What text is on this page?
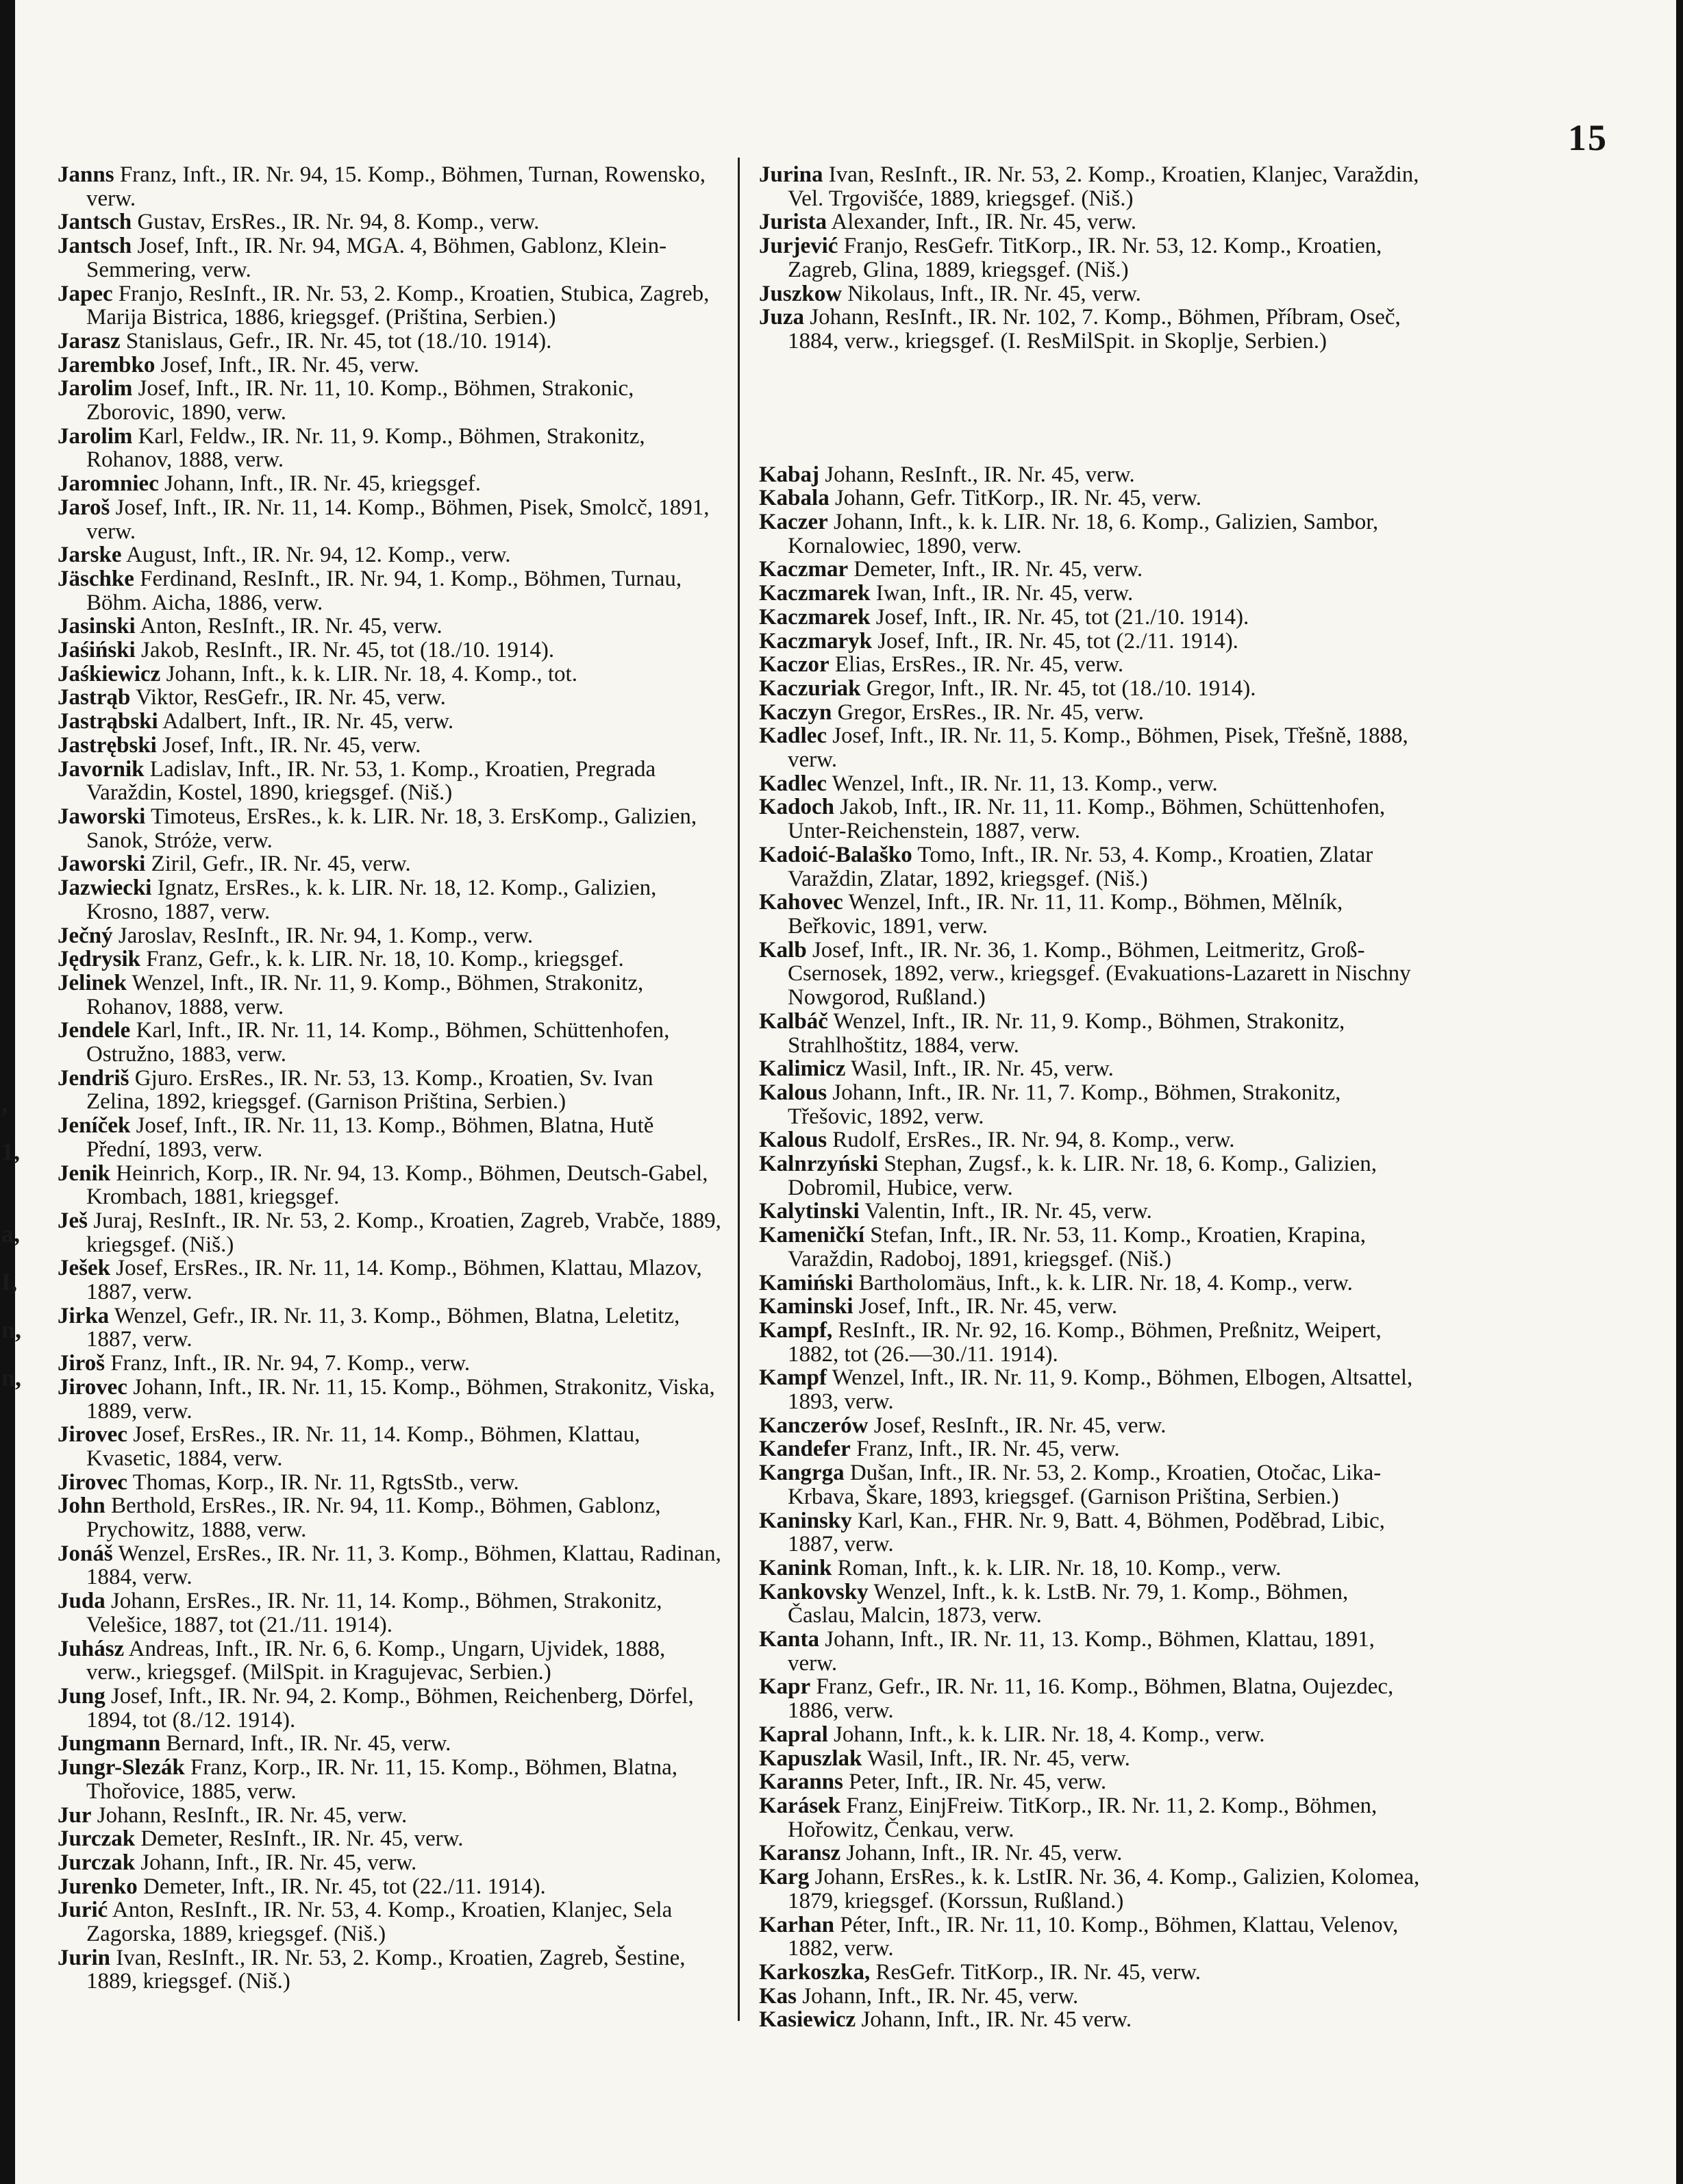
,
1,
a,
I,
n,
n,
15
Janns Franz, Inft., IR. Nr. 94, 15. Komp., Böhmen, Turnan, Rowensko, verw.
Jantsch Gustav, ErsRes., IR. Nr. 94, 8. Komp., verw.
Jantsch Josef, Inft., IR. Nr. 94, MGA. 4, Böhmen, Gablonz, Klein-Semmering, verw.
Japec Franjo, ResInft., IR. Nr. 53, 2. Komp., Kroatien, Stubica, Zagreb, Marija Bistrica, 1886, kriegsgef. (Priština, Serbien.)
Jarasz Stanislaus, Gefr., IR. Nr. 45, tot (18./10. 1914).
Jarembko Josef, Inft., IR. Nr. 45, verw.
Jarolim Josef, Inft., IR. Nr. 11, 10. Komp., Böhmen, Strakonic, Zborovic, 1890, verw.
Jarolim Karl, Feldw., IR. Nr. 11, 9. Komp., Böhmen, Strakonitz, Rohanov, 1888, verw.
Jaromniec Johann, Inft., IR. Nr. 45, kriegsgef.
Jaroš Josef, Inft., IR. Nr. 11, 14. Komp., Böhmen, Pisek, Smolcč, 1891, verw.
Jarske August, Inft., IR. Nr. 94, 12. Komp., verw.
Jäschke Ferdinand, ResInft., IR. Nr. 94, 1. Komp., Böhmen, Turnau, Böhm. Aicha, 1886, verw.
Jasinski Anton, ResInft., IR. Nr. 45, verw.
Jaśiński Jakob, ResInft., IR. Nr. 45, tot (18./10. 1914).
Jaśkiewicz Johann, Inft., k. k. LIR. Nr. 18, 4. Komp., tot.
Jastrąb Viktor, ResGefr., IR. Nr. 45, verw.
Jastrąbski Adalbert, Inft., IR. Nr. 45, verw.
Jastrębski Josef, Inft., IR. Nr. 45, verw.
Javornik Ladislav, Inft., IR. Nr. 53, 1. Komp., Kroatien, Pregrada Varaždin, Kostel, 1890, kriegsgef. (Niš.)
Jaworski Timoteus, ErsRes., k. k. LIR. Nr. 18, 3. ErsKomp., Galizien, Sanok, Stróże, verw.
Jaworski Ziril, Gefr., IR. Nr. 45, verw.
Jazwiecki Ignatz, ErsRes., k. k. LIR. Nr. 18, 12. Komp., Galizien, Krosno, 1887, verw.
Ječný Jaroslav, ResInft., IR. Nr. 94, 1. Komp., verw.
Jędrysik Franz, Gefr., k. k. LIR. Nr. 18, 10. Komp., kriegsgef.
Jelinek Wenzel, Inft., IR. Nr. 11, 9. Komp., Böhmen, Strakonitz, Rohanov, 1888, verw.
Jendele Karl, Inft., IR. Nr. 11, 14. Komp., Böhmen, Schüttenhofen, Ostružno, 1883, verw.
Jendriš Gjuro. ErsRes., IR. Nr. 53, 13. Komp., Kroatien, Sv. Ivan Zelina, 1892, kriegsgef. (Garnison Priština, Serbien.)
Jeníček Josef, Inft., IR. Nr. 11, 13. Komp., Böhmen, Blatna, Hutě Přední, 1893, verw.
Jenik Heinrich, Korp., IR. Nr. 94, 13. Komp., Böhmen, Deutsch-Gabel, Krombach, 1881, kriegsgef.
Ješ Juraj, ResInft., IR. Nr. 53, 2. Komp., Kroatien, Zagreb, Vrabče, 1889, kriegsgef. (Niš.)
Ješek Josef, ErsRes., IR. Nr. 11, 14. Komp., Böhmen, Klattau, Mlazov, 1887, verw.
Jirka Wenzel, Gefr., IR. Nr. 11, 3. Komp., Böhmen, Blatna, Leletitz, 1887, verw.
Jiroš Franz, Inft., IR. Nr. 94, 7. Komp., verw.
Jirovec Johann, Inft., IR. Nr. 11, 15. Komp., Böhmen, Strakonitz, Viska, 1889, verw.
Jirovec Josef, ErsRes., IR. Nr. 11, 14. Komp., Böhmen, Klattau, Kvasetic, 1884, verw.
Jirovec Thomas, Korp., IR. Nr. 11, RgtsStb., verw.
John Berthold, ErsRes., IR. Nr. 94, 11. Komp., Böhmen, Gablonz, Prychowitz, 1888, verw.
Jonáš Wenzel, ErsRes., IR. Nr. 11, 3. Komp., Böhmen, Klattau, Radinan, 1884, verw.
Juda Johann, ErsRes., IR. Nr. 11, 14. Komp., Böhmen, Strakonitz, Velešice, 1887, tot (21./11. 1914).
Juhász Andreas, Inft., IR. Nr. 6, 6. Komp., Ungarn, Ujvidek, 1888, verw., kriegsgef. (MilSpit. in Kragujevac, Serbien.)
Jung Josef, Inft., IR. Nr. 94, 2. Komp., Böhmen, Reichenberg, Dörfel, 1894, tot (8./12. 1914).
Jungmann Bernard, Inft., IR. Nr. 45, verw.
Jungr-Slezák Franz, Korp., IR. Nr. 11, 15. Komp., Böhmen, Blatna, Thořovice, 1885, verw.
Jur Johann, ResInft., IR. Nr. 45, verw.
Jurczak Demeter, ResInft., IR. Nr. 45, verw.
Jurczak Johann, Inft., IR. Nr. 45, verw.
Jurenko Demeter, Inft., IR. Nr. 45, tot (22./11. 1914).
Jurić Anton, ResInft., IR. Nr. 53, 4. Komp., Kroatien, Klanjec, Sela Zagorska, 1889, kriegsgef. (Niš.)
Jurin Ivan, ResInft., IR. Nr. 53, 2. Komp., Kroatien, Zagreb, Šestine, 1889, kriegsgef. (Niš.)
Jurina Ivan, ResInft., IR. Nr. 53, 2. Komp., Kroatien, Klanjec, Varaždin, Vel. Trgovišće, 1889, kriegsgef. (Niš.)
Jurista Alexander, Inft., IR. Nr. 45, verw.
Jurjević Franjo, ResGefr. TitKorp., IR. Nr. 53, 12. Komp., Kroatien, Zagreb, Glina, 1889, kriegsgef. (Niš.)
Juszkow Nikolaus, Inft., IR. Nr. 45, verw.
Juza Johann, ResInft., IR. Nr. 102, 7. Komp., Böhmen, Příbram, Oseč, 1884, verw., kriegsgef. (I. ResMilSpit. in Skoplje, Serbien.)
Kabaj Johann, ResInft., IR. Nr. 45, verw.
Kabala Johann, Gefr. TitKorp., IR. Nr. 45, verw.
Kaczer Johann, Inft., k. k. LIR. Nr. 18, 6. Komp., Galizien, Sambor, Kornalowiec, 1890, verw.
Kaczmar Demeter, Inft., IR. Nr. 45, verw.
Kaczmarek Iwan, Inft., IR. Nr. 45, verw.
Kaczmarek Josef, Inft., IR. Nr. 45, tot (21./10. 1914).
Kaczmaryk Josef, Inft., IR. Nr. 45, tot (2./11. 1914).
Kaczor Elias, ErsRes., IR. Nr. 45, verw.
Kaczuriak Gregor, Inft., IR. Nr. 45, tot (18./10. 1914).
Kaczyn Gregor, ErsRes., IR. Nr. 45, verw.
Kadlec Josef, Inft., IR. Nr. 11, 5. Komp., Böhmen, Pisek, Třešně, 1888, verw.
Kadlec Wenzel, Inft., IR. Nr. 11, 13. Komp., verw.
Kadoch Jakob, Inft., IR. Nr. 11, 11. Komp., Böhmen, Schüttenhofen, Unter-Reichenstein, 1887, verw.
Kadoić-Balaško Tomo, Inft., IR. Nr. 53, 4. Komp., Kroatien, Zlatar Varaždin, Zlatar, 1892, kriegsgef. (Niš.)
Kahovec Wenzel, Inft., IR. Nr. 11, 11. Komp., Böhmen, Mělník, Beřkovic, 1891, verw.
Kalb Josef, Inft., IR. Nr. 36, 1. Komp., Böhmen, Leitmeritz, Groß-Csernosek, 1892, verw., kriegsgef. (Evakuations-Lazarett in Nischny Nowgorod, Rußland.)
Kalbáč Wenzel, Inft., IR. Nr. 11, 9. Komp., Böhmen, Strakonitz, Strahlhoštitz, 1884, verw.
Kalimicz Wasil, Inft., IR. Nr. 45, verw.
Kalous Johann, Inft., IR. Nr. 11, 7. Komp., Böhmen, Strakonitz, Třešovic, 1892, verw.
Kalous Rudolf, ErsRes., IR. Nr. 94, 8. Komp., verw.
Kalnrzyński Stephan, Zugsf., k. k. LIR. Nr. 18, 6. Komp., Galizien, Dobromil, Hubice, verw.
Kalytinski Valentin, Inft., IR. Nr. 45, verw.
Kameničkí Stefan, Inft., IR. Nr. 53, 11. Komp., Kroatien, Krapina, Varaždin, Radoboj, 1891, kriegsgef. (Niš.)
Kamiński Bartholomäus, Inft., k. k. LIR. Nr. 18, 4. Komp., verw.
Kaminski Josef, Inft., IR. Nr. 45, verw.
Kampf, ResInft., IR. Nr. 92, 16. Komp., Böhmen, Preßnitz, Weipert, 1882, tot (26.—30./11. 1914).
Kampf Wenzel, Inft., IR. Nr. 11, 9. Komp., Böhmen, Elbogen, Altsattel, 1893, verw.
Kanczerów Josef, ResInft., IR. Nr. 45, verw.
Kandefer Franz, Inft., IR. Nr. 45, verw.
Kangrga Dušan, Inft., IR. Nr. 53, 2. Komp., Kroatien, Otočac, Lika-Krbava, Škare, 1893, kriegsgef. (Garnison Priština, Serbien.)
Kaninsky Karl, Kan., FHR. Nr. 9, Batt. 4, Böhmen, Poděbrad, Libic, 1887, verw.
Kanink Roman, Inft., k. k. LIR. Nr. 18, 10. Komp., verw.
Kankovsky Wenzel, Inft., k. k. LstB. Nr. 79, 1. Komp., Böhmen, Časlau, Malcin, 1873, verw.
Kanta Johann, Inft., IR. Nr. 11, 13. Komp., Böhmen, Klattau, 1891, verw.
Kapr Franz, Gefr., IR. Nr. 11, 16. Komp., Böhmen, Blatna, Oujezdec, 1886, verw.
Kapral Johann, Inft., k. k. LIR. Nr. 18, 4. Komp., verw.
Kapuszlak Wasil, Inft., IR. Nr. 45, verw.
Karanns Peter, Inft., IR. Nr. 45, verw.
Karásek Franz, EinjFreiw. TitKorp., IR. Nr. 11, 2. Komp., Böhmen, Hořowitz, Čenkau, verw.
Karansz Johann, Inft., IR. Nr. 45, verw.
Karg Johann, ErsRes., k. k. LstIR. Nr. 36, 4. Komp., Galizien, Kolomea, 1879, kriegsgef. (Korssun, Rußland.)
Karhan Péter, Inft., IR. Nr. 11, 10. Komp., Böhmen, Klattau, Velenov, 1882, verw.
Karkoszka, ResGefr. TitKorp., IR. Nr. 45, verw.
Kas Johann, Inft., IR. Nr. 45, verw.
Kasiewicz Johann, Inft., IR. Nr. 45 verw.
